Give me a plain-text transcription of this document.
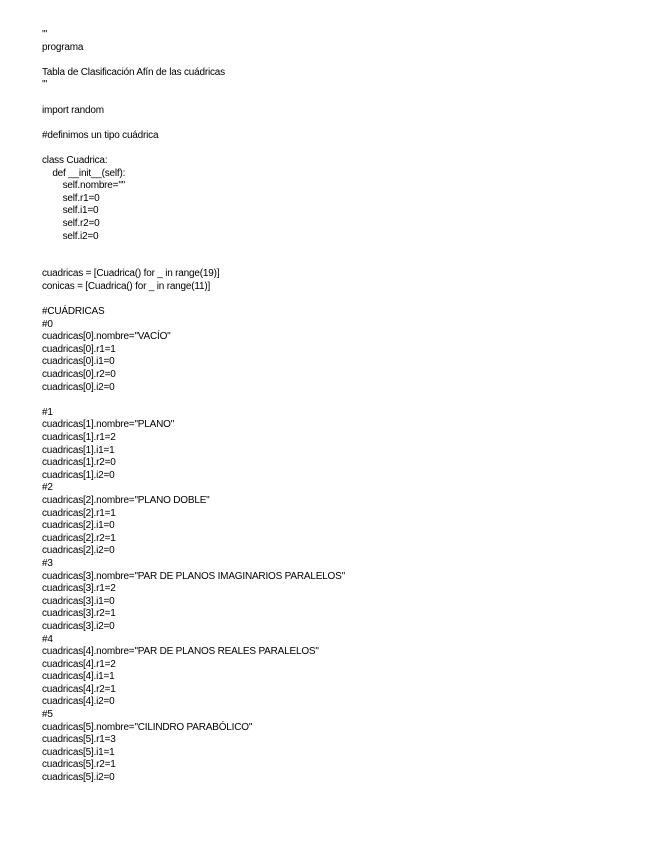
'''
programa
Tabla de Clasificación Afín de las cuádricas
'''
import random
#definimos un tipo cuádrica
class Cuadrica:
def __init__(self):
self.nombre=""
self.r1=0
self.i1=0
self.r2=0
self.i2=0
cuadricas = [Cuadrica() for _ in range(19)]
conicas = [Cuadrica() for _ in range(11)]
#CUÁDRICAS
#0
cuadricas[0].nombre="VACÍO"
cuadricas[0].r1=1
cuadricas[0].i1=0
cuadricas[0].r2=0
cuadricas[0].i2=0
#1
cuadricas[1].nombre="PLANO"
cuadricas[1].r1=2
cuadricas[1].i1=1
cuadricas[1].r2=0
cuadricas[1].i2=0
#2
cuadricas[2].nombre="PLANO DOBLE"
cuadricas[2].r1=1
cuadricas[2].i1=0
cuadricas[2].r2=1
cuadricas[2].i2=0
#3
cuadricas[3].nombre="PAR DE PLANOS IMAGINARIOS PARALELOS"
cuadricas[3].r1=2
cuadricas[3].i1=0
cuadricas[3].r2=1
cuadricas[3].i2=0
#4
cuadricas[4].nombre="PAR DE PLANOS REALES PARALELOS"
cuadricas[4].r1=2
cuadricas[4].i1=1
cuadricas[4].r2=1
cuadricas[4].i2=0
#5
cuadricas[5].nombre="CILINDRO PARABÓLICO"
cuadricas[5].r1=3
cuadricas[5].i1=1
cuadricas[5].r2=1
cuadricas[5].i2=0
